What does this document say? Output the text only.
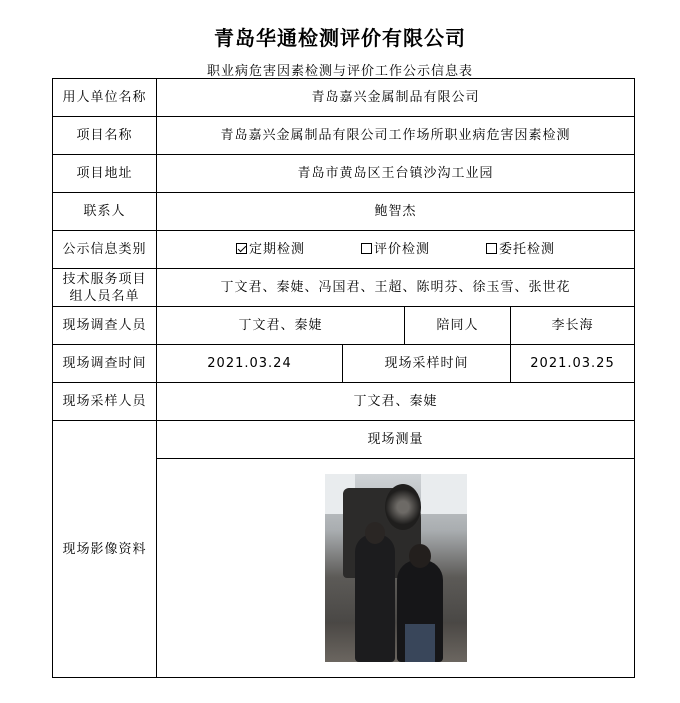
青岛华通检测评价有限公司
职业病危害因素检测与评价工作公示信息表
用人单位名称	青岛嘉兴金属制品有限公司			
项目名称	青岛嘉兴金属制品有限公司工作场所职业病危害因素检测			
项目地址	青岛市黄岛区王台镇沙沟工业园			
联系人	鲍智杰			
公示信息类别	定期检测 评价检测 委托检测			
技术服务项目组人员名单	丁文君、秦婕、冯国君、王超、陈明芬、徐玉雪、张世花			
现场调查人员	丁文君、秦婕		陪同人	李长海
现场调查时间	2021.03.24	现场采样时间		2021.03.25
现场采样人员	丁文君、秦婕			
现场影像资料	现场测量			
